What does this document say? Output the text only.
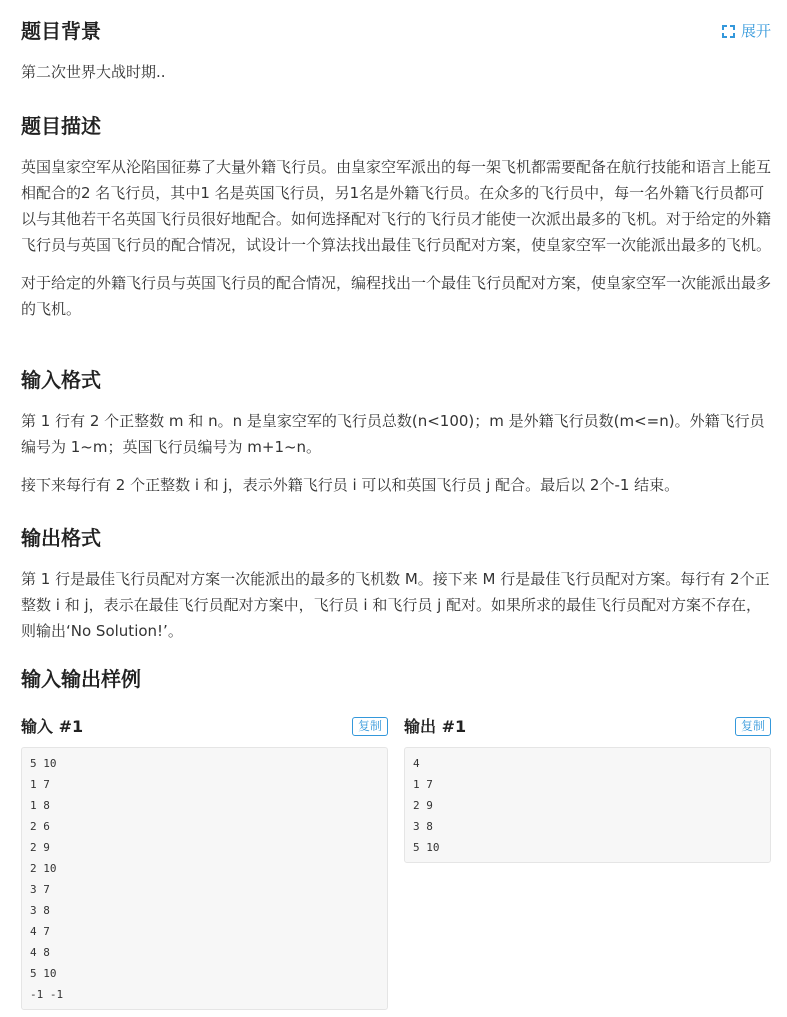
题目背景	展开

第二次世界大战时期..

题目描述

英国皇家空军从沦陷国征募了大量外籍飞行员。由皇家空军派出的每一架飞机都需要配备在航行技能和语言上能互相配合的2 名飞行员，其中1 名是英国飞行员，另1名是外籍飞行员。在众多的飞行员中，每一名外籍飞行员都可以与其他若干名英国飞行员很好地配合。如何选择配对飞行的飞行员才能使一次派出最多的飞机。对于给定的外籍飞行员与英国飞行员的配合情况，试设计一个算法找出最佳飞行员配对方案，使皇家空军一次能派出最多的飞机。

对于给定的外籍飞行员与英国飞行员的配合情况，编程找出一个最佳飞行员配对方案，使皇家空军一次能派出最多的飞机。

输入格式

第 1 行有 2 个正整数 m 和 n。n 是皇家空军的飞行员总数(n<100)；m 是外籍飞行员数(m<=n)。外籍飞行员编号为 1~m；英国飞行员编号为 m+1~n。

接下来每行有 2 个正整数 i 和 j，表示外籍飞行员 i 可以和英国飞行员 j 配合。最后以 2个-1 结束。

输出格式

第 1 行是最佳飞行员配对方案一次能派出的最多的飞机数 M。接下来 M 行是最佳飞行员配对方案。每行有 2个正整数 i 和 j，表示在最佳飞行员配对方案中，飞行员 i 和飞行员 j 配对。如果所求的最佳飞行员配对方案不存在，则输出‘No Solution!’。

输入输出样例
输入 #1	复制
5 10
1 7
1 8
2 6
2 9
2 10
3 7
3 8
4 7
4 8
5 10
-1 -1
输出 #1	复制
4
1 7
2 9
3 8
5 10
